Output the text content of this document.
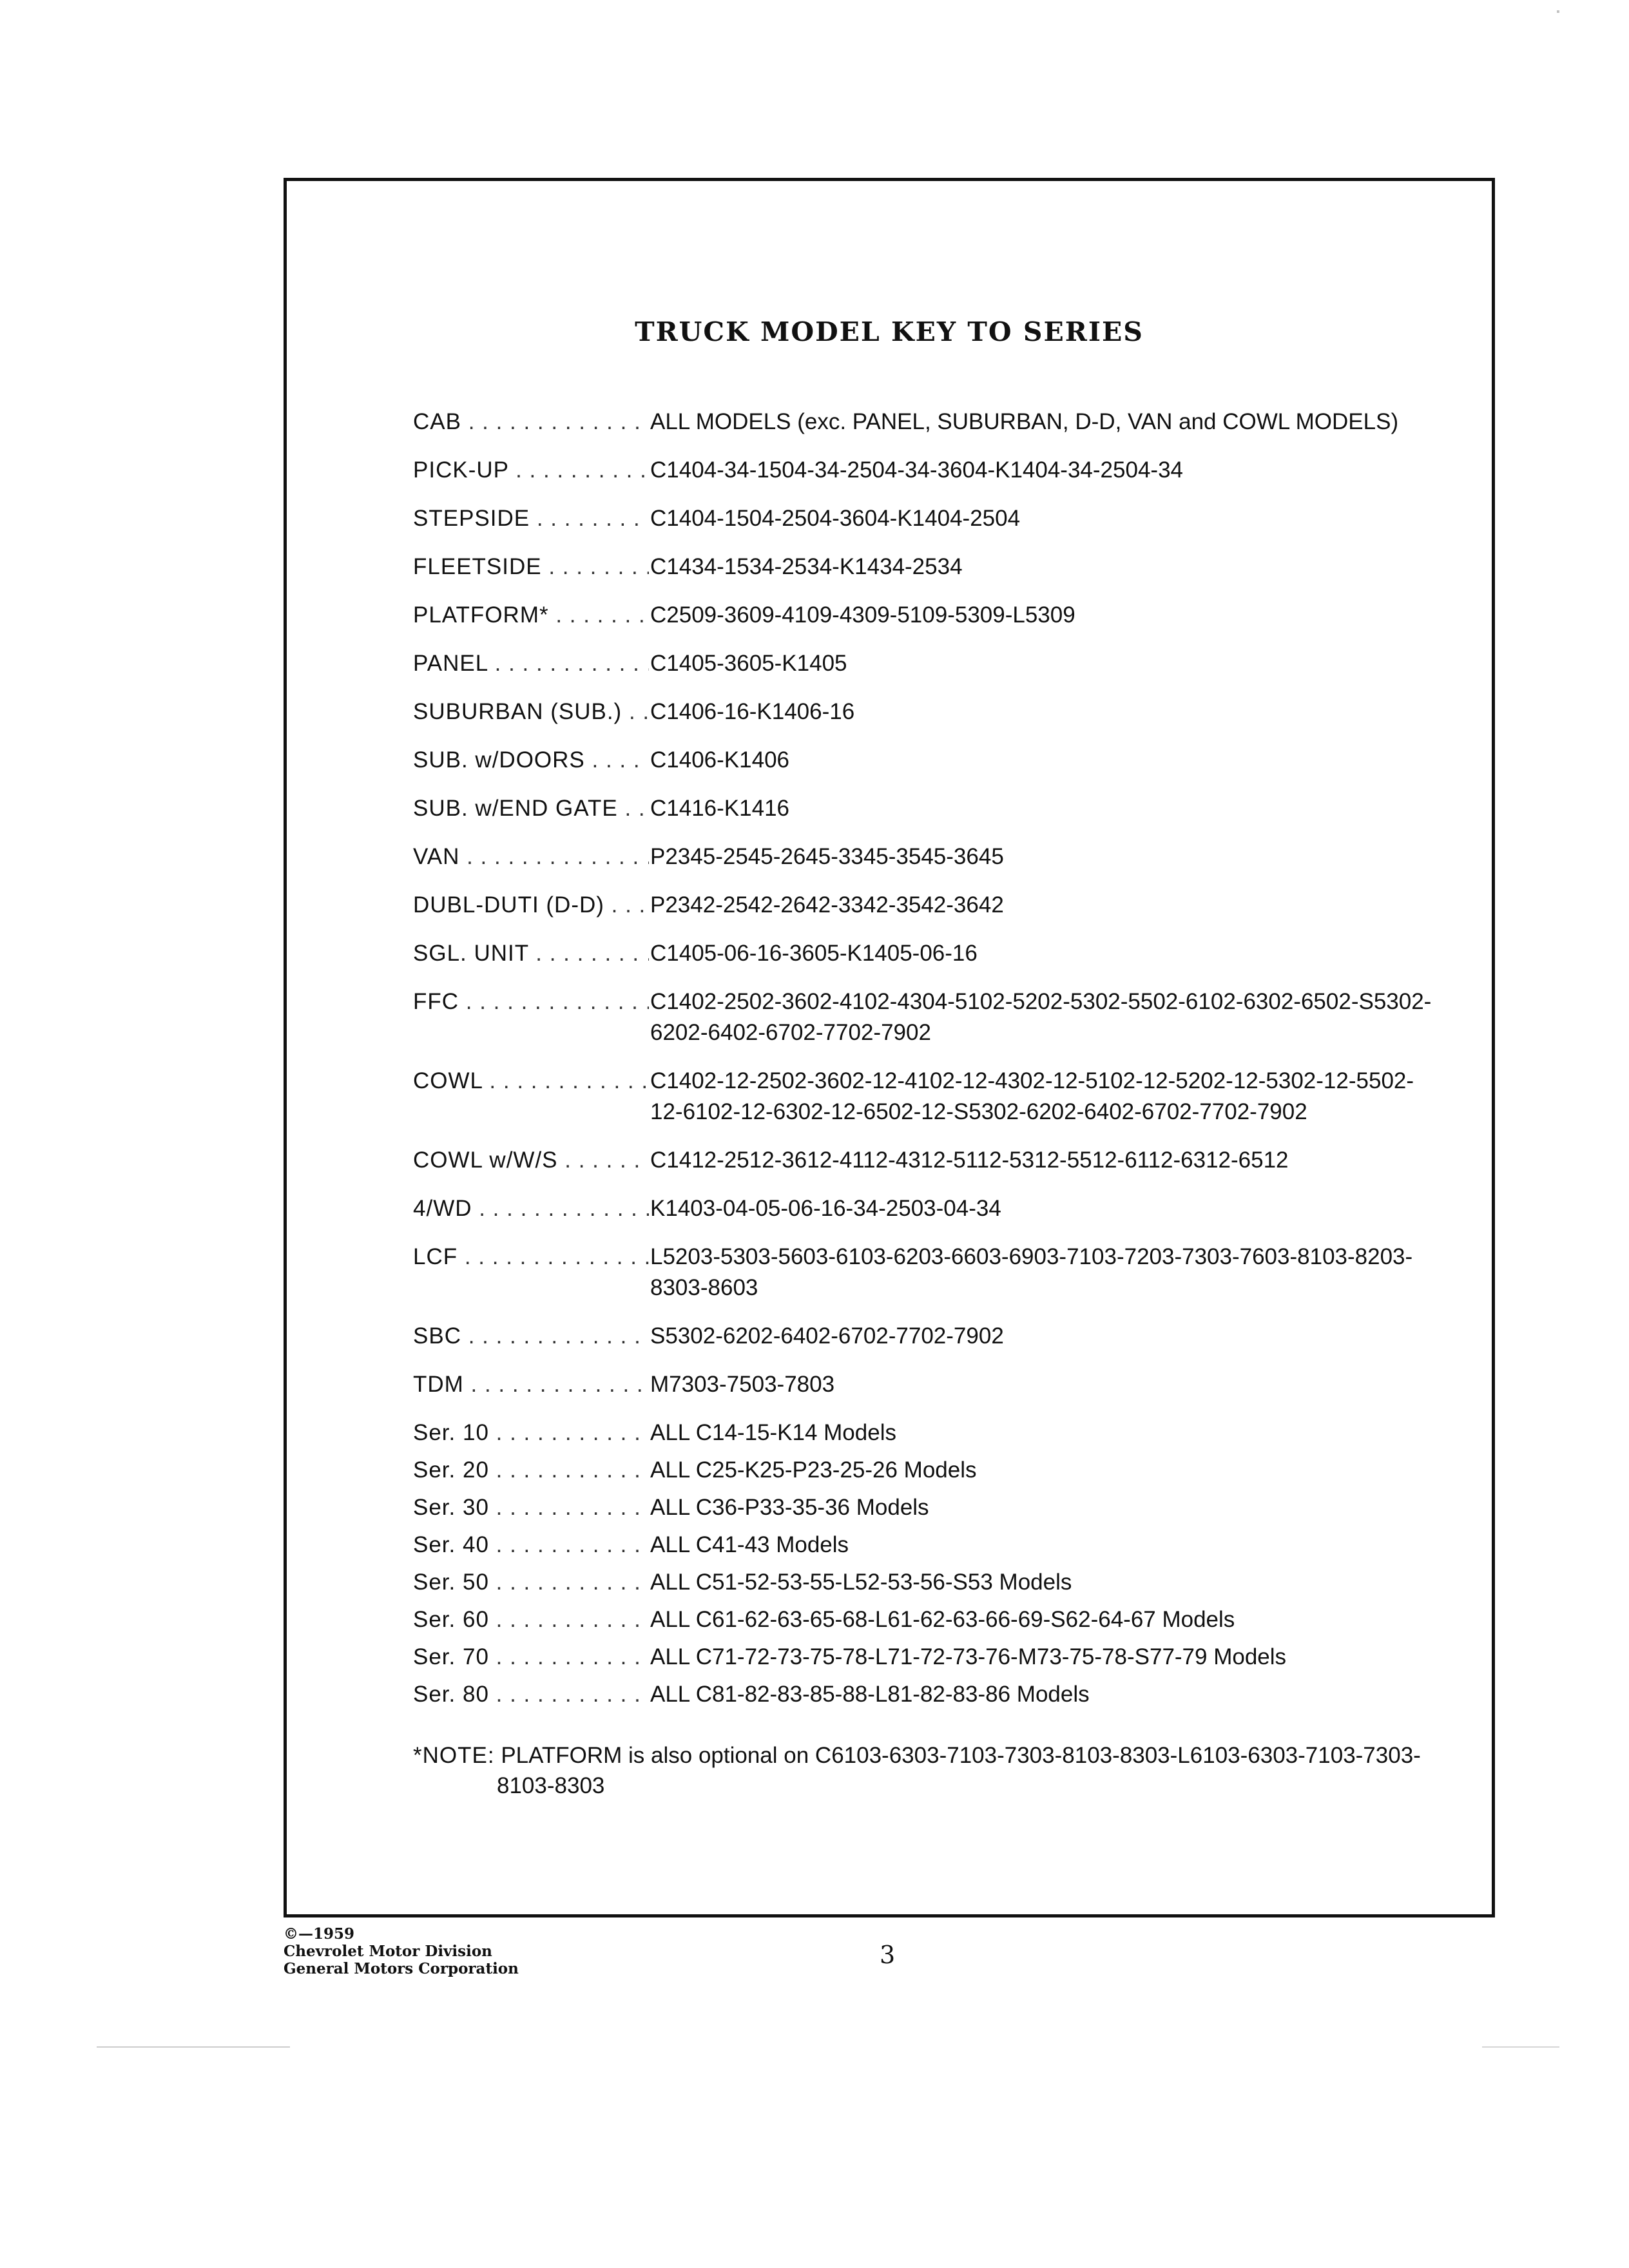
TRUCK MODEL KEY TO SERIES
CAB . . .	ALL MODELS (exc. PANEL, SUBURBAN, D-D, VAN and COWL MODELS)
PICK-UP . . .	C1404-34-1504-34-2504-34-3604-K1404-34-2504-34
STEPSIDE . . .	C1404-1504-2504-3604-K1404-2504
FLEETSIDE . . .	C1434-1534-2534-K1434-2534
PLATFORM* . . .	C2509-3609-4109-4309-5109-5309-L5309
PANEL . . .	C1405-3605-K1405
SUBURBAN (SUB.) . . .	C1406-16-K1406-16
SUB. w/DOORS . . .	C1406-K1406
SUB. w/END GATE . . .	C1416-K1416
VAN . . .	P2345-2545-2645-3345-3545-3645
DUBL-DUTI (D-D) . . .	P2342-2542-2642-3342-3542-3642
SGL. UNIT . . .	C1405-06-16-3605-K1405-06-16
FFC . . .	C1402-2502-3602-4102-4304-5102-5202-5302-5502-6102-6302-6502-S5302-6202-6402-6702-7702-7902
COWL . . .	C1402-12-2502-3602-12-4102-12-4302-12-5102-12-5202-12-5302-12-5502-12-6102-12-6302-12-6502-12-S5302-6202-6402-6702-7702-7902
COWL w/W/S . . .	C1412-2512-3612-4112-4312-5112-5312-5512-6112-6312-6512
4/WD . . .	K1403-04-05-06-16-34-2503-04-34
LCF . . .	L5203-5303-5603-6103-6203-6603-6903-7103-7203-7303-7603-8103-8203-8303-8603
SBC . . .	S5302-6202-6402-6702-7702-7902
TDM . . .	M7303-7503-7803
Ser. 10 . . .	ALL C14-15-K14 Models
Ser. 20 . . .	ALL C25-K25-P23-25-26 Models
Ser. 30 . . .	ALL C36-P33-35-36 Models
Ser. 40 . . .	ALL C41-43 Models
Ser. 50 . . .	ALL C51-52-53-55-L52-53-56-S53 Models
Ser. 60 . . .	ALL C61-62-63-65-68-L61-62-63-66-69-S62-64-67 Models
Ser. 70 . . .	ALL C71-72-73-75-78-L71-72-73-76-M73-75-78-S77-79 Models
Ser. 80 . . .	ALL C81-82-83-85-88-L81-82-83-86 Models
*NOTE: PLATFORM is also optional on C6103-6303-7103-7303-8103-8303-L6103-6303-7103-7303-
8103-8303
©—1959
Chevrolet Motor Division
General Motors Corporation	3
